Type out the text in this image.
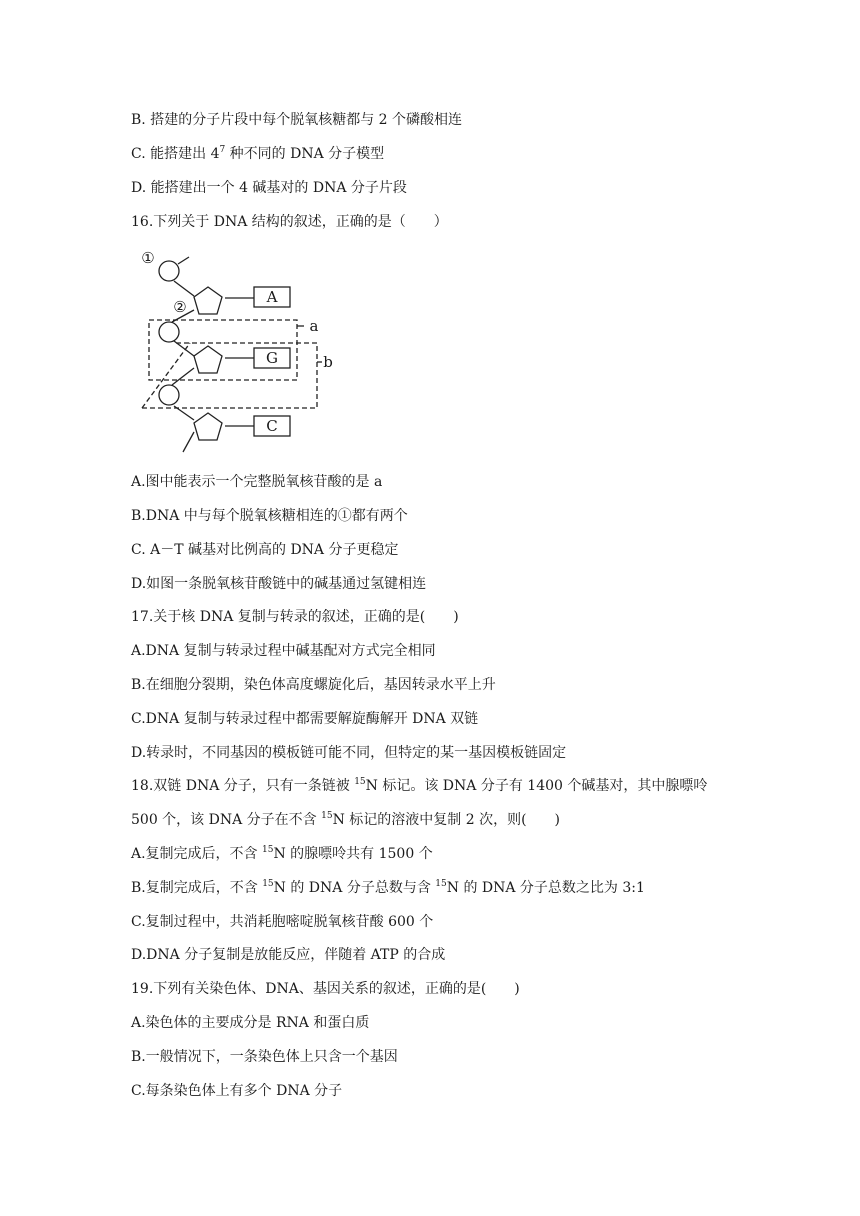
B. 搭建的分子片段中每个脱氧核糖都与 2 个磷酸相连
C. 能搭建出 $4^7$ 种不同的 DNA 分子模型
D. 能搭建出一个 4 碱基对的 DNA 分子片段
16.下列关于 DNA 结构的叙述，正确的是（　　）
①
②
A
G
C
a
b
A.图中能表示一个完整脱氧核苷酸的是 a
B.DNA 中与每个脱氧核糖相连的①都有两个
C. A－T 碱基对比例高的 DNA 分子更稳定
D.如图一条脱氧核苷酸链中的碱基通过氢键相连
17.关于核 DNA 复制与转录的叙述，正确的是(　　)
A.DNA 复制与转录过程中碱基配对方式完全相同
B.在细胞分裂期，染色体高度螺旋化后，基因转录水平上升
C.DNA 复制与转录过程中都需要解旋酶解开 DNA 双链
D.转录时，不同基因的模板链可能不同，但特定的某一基因模板链固定
18.双链 DNA 分子，只有一条链被 $^{15}$N 标记。该 DNA 分子有 1400 个碱基对，其中腺嘌呤
500 个，该 DNA 分子在不含 $^{15}$N 标记的溶液中复制 2 次，则(　　)
A.复制完成后，不含 $^{15}$N 的腺嘌呤共有 1500 个
B.复制完成后，不含 $^{15}$N 的 DNA 分子总数与含 $^{15}$N 的 DNA 分子总数之比为 3:1
C.复制过程中，共消耗胞嘧啶脱氧核苷酸 600 个
D.DNA 分子复制是放能反应，伴随着 ATP 的合成
19.下列有关染色体、DNA、基因关系的叙述，正确的是(　　)
A.染色体的主要成分是 RNA 和蛋白质
B.一般情况下，一条染色体上只含一个基因
C.每条染色体上有多个 DNA 分子
